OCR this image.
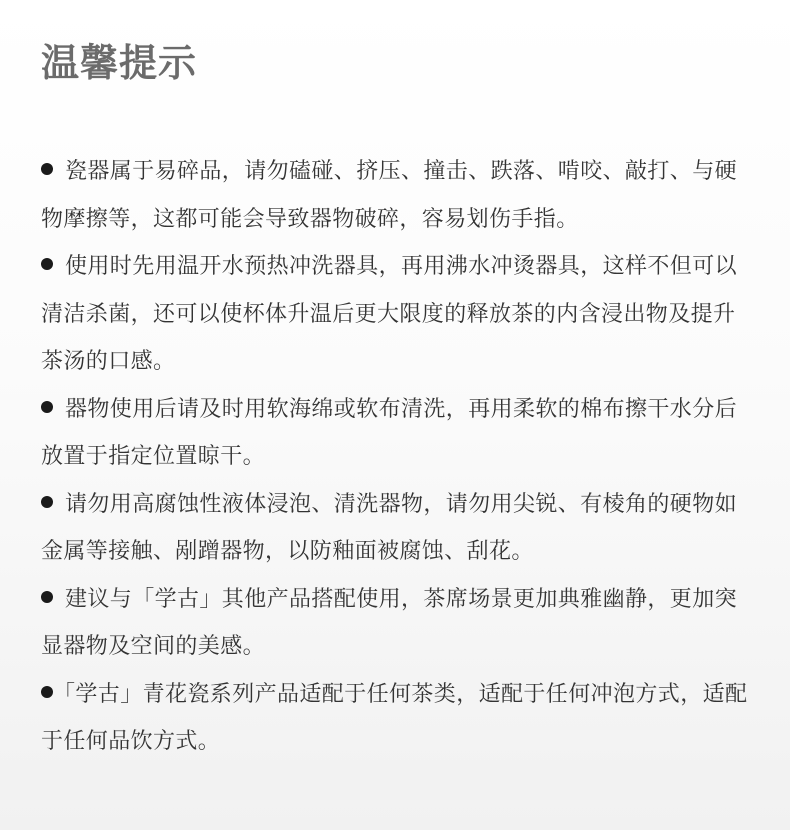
温馨提示
瓷器属于易碎品，请勿磕碰、挤压、撞击、跌落、啃咬、敲打、与硬物摩擦等，这都可能会导致器物破碎，容易划伤手指。
使用时先用温开水预热冲洗器具，再用沸水冲烫器具，这样不但可以清洁杀菌，还可以使杯体升温后更大限度的释放茶的内含浸出物及提升茶汤的口感。
器物使用后请及时用软海绵或软布清洗，再用柔软的棉布擦干水分后放置于指定位置晾干。
请勿用高腐蚀性液体浸泡、清洗器物，请勿用尖锐、有棱角的硬物如金属等接触、剐蹭器物，以防釉面被腐蚀、刮花。
建议与「学古」其他产品搭配使用，茶席场景更加典雅幽静，更加突显器物及空间的美感。
「学古」青花瓷系列产品适配于任何茶类，适配于任何冲泡方式，适配于任何品饮方式。
